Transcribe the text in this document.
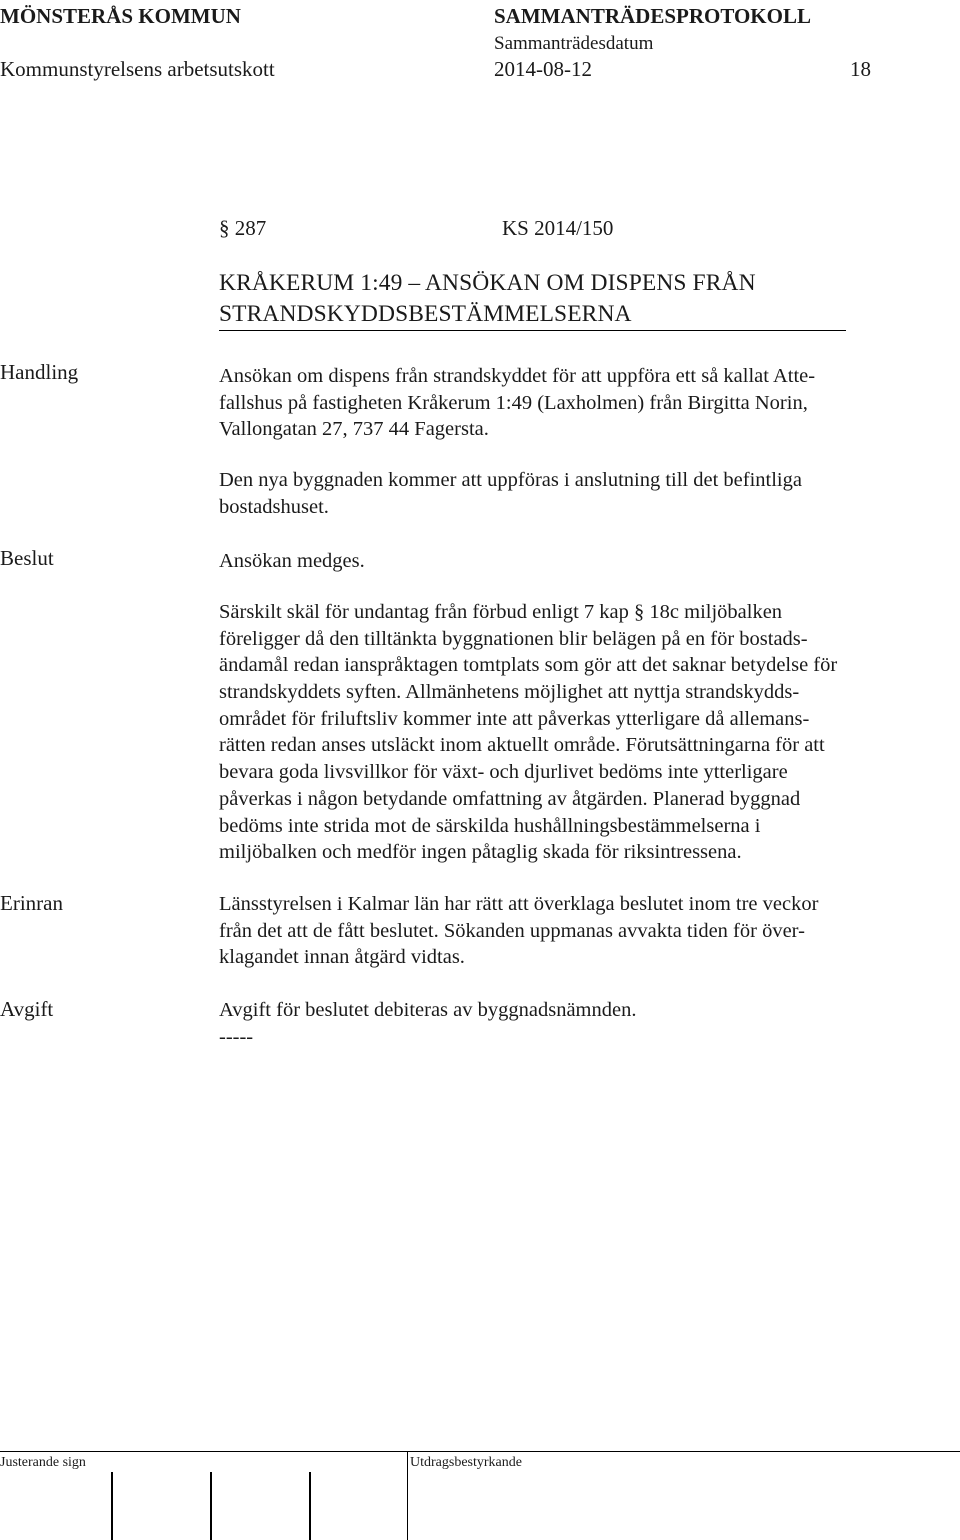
MÖNSTERÅS KOMMUN	SAMMANTRÄDESPROTOKOLL
Sammanträdesdatum
Kommunstyrelsens arbetsutskott	2014-08-12	18
§ 287	KS 2014/150
KRÅKERUM 1:49 – ANSÖKAN OM DISPENS FRÅN
STRANDSKYDDSBESTÄMMELSERNA
Handling	Ansökan om dispens från strandskyddet för att uppföra ett så kallat Atte-
fallshus på fastigheten Kråkerum 1:49 (Laxholmen) från Birgitta Norin,
Vallongatan 27, 737 44 Fagersta.
Den nya byggnaden kommer att uppföras i anslutning till det befintliga
bostadshuset.
Beslut	Ansökan medges.
Särskilt skäl för undantag från förbud enligt 7 kap § 18c miljöbalken
föreligger då den tilltänkta byggnationen blir belägen på en för bostads-
ändamål redan ianspråktagen tomtplats som gör att det saknar betydelse för
strandskyddets syften. Allmänhetens möjlighet att nyttja strandskydds-
området för friluftsliv kommer inte att påverkas ytterligare då allemans-
rätten redan anses utsläckt inom aktuellt område. Förutsättningarna för att
bevara goda livsvillkor för växt- och djurlivet bedöms inte ytterligare
påverkas i någon betydande omfattning av åtgärden. Planerad byggnad
bedöms inte strida mot de särskilda hushållningsbestämmelserna i
miljöbalken och medför ingen påtaglig skada för riksintressena.
Erinran	Länsstyrelsen i Kalmar län har rätt att överklaga beslutet inom tre veckor
från det att de fått beslutet. Sökanden uppmanas avvakta tiden för över-
klagandet innan åtgärd vidtas.
Avgift	Avgift för beslutet debiteras av byggnadsnämnden.
-----
Justerande sign	Utdragsbestyrkande
